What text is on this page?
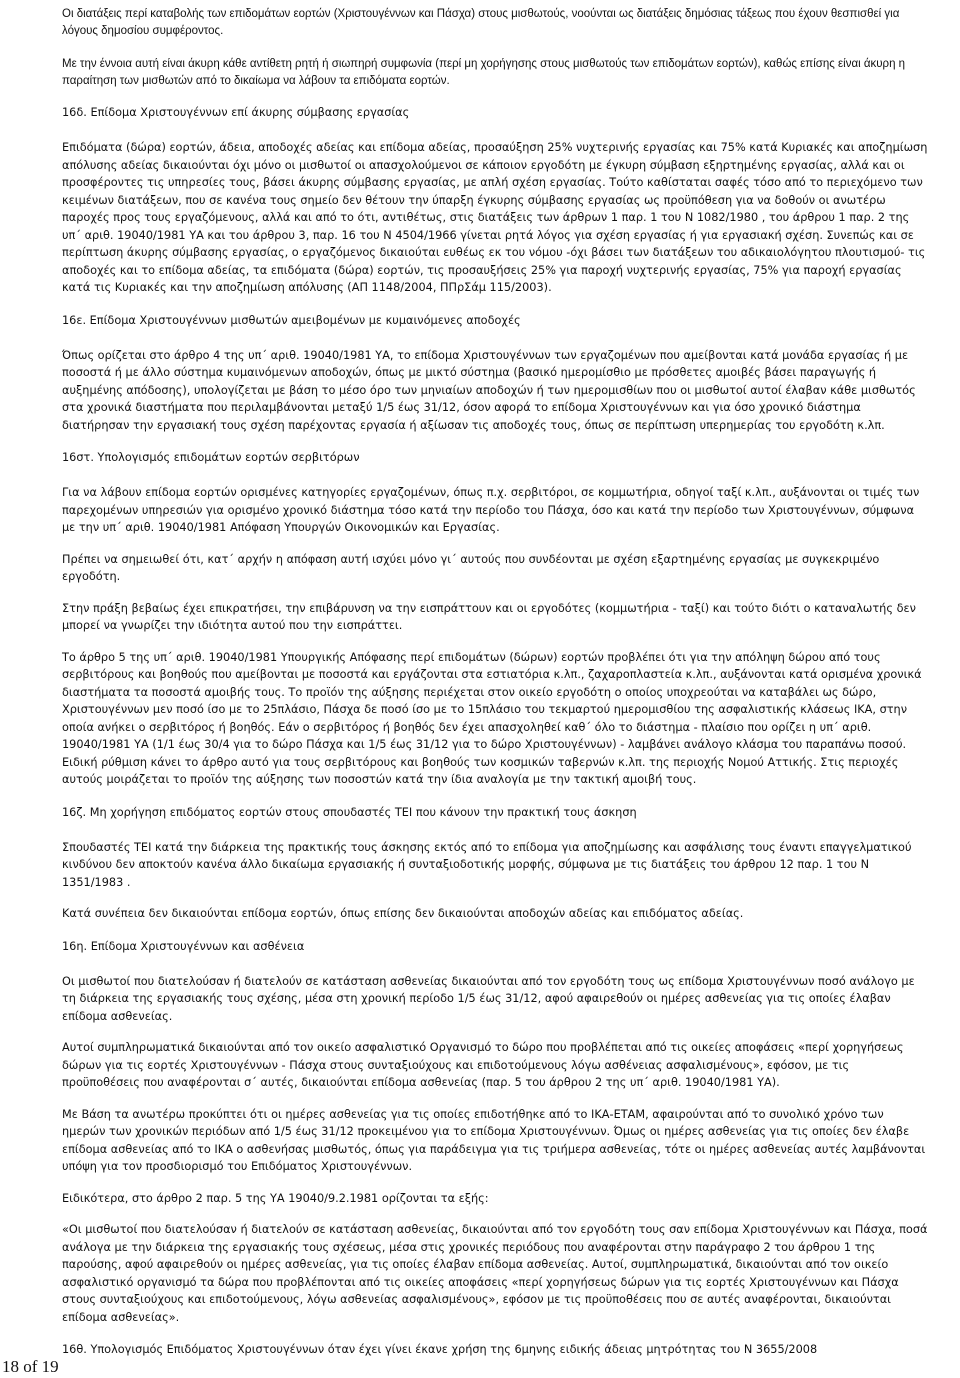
Οι διατάξεις περί καταβολής των επιδομάτων εορτών (Χριστουγέννων και Πάσχα) στους μισθωτούς, νοούνται ως διατάξεις δημόσιας τάξεως που έχουν θεσπισθεί για λόγους δημοσίου συμφέροντος.

Με την έννοια αυτή είναι άκυρη κάθε αντίθετη ρητή ή σιωπηρή συμφωνία (περί μη χορήγησης στους μισθωτούς των επιδομάτων εορτών), καθώς επίσης είναι άκυρη η παραίτηση των μισθωτών από το δικαίωμα να λάβουν τα επιδόματα εορτών.

16δ. Επίδομα Χριστουγέννων επί άκυρης σύμβασης εργασίας

Επιδόματα (δώρα) εορτών, άδεια, αποδοχές αδείας και επίδομα αδείας, προσαύξηση 25% νυχτερινής εργασίας και 75% κατά Κυριακές και αποζημίωση απόλυσης αδείας δικαιούνται όχι μόνο οι μισθωτοί οι απασχολούμενοι σε κάποιον εργοδότη με έγκυρη σύμβαση εξηρτημένης εργασίας, αλλά και οι προσφέροντες τις υπηρεσίες τους, βάσει άκυρης σύμβασης εργασίας, με απλή σχέση εργασίας. Τούτο καθίσταται σαφές τόσο από το περιεχόμενο των κειμένων διατάξεων, που σε κανένα τους σημείο δεν θέτουν την ύπαρξη έγκυρης σύμβασης εργασίας ως προϋπόθεση για να δοθούν οι ανωτέρω παροχές προς τους εργαζόμενους, αλλά και από το ότι, αντιθέτως, στις διατάξεις των άρθρων 1 παρ. 1 του Ν 1082/1980 , του άρθρου 1 παρ. 2 της υπ΄ αριθ. 19040/1981 ΥΑ και του άρθρου 3, παρ. 16 του Ν 4504/1966 γίνεται ρητά λόγος για σχέση εργασίας ή για εργασιακή σχέση. Συνεπώς και σε περίπτωση άκυρης σύμβασης εργασίας, ο εργαζόμενος δικαιούται ευθέως εκ του νόμου -όχι βάσει των διατάξεων του αδικαιολόγητου πλουτισμού- τις αποδοχές και το επίδομα αδείας, τα επιδόματα (δώρα) εορτών, τις προσαυξήσεις 25% για παροχή νυχτερινής εργασίας, 75% για παροχή εργασίας κατά τις Κυριακές και την αποζημίωση απόλυσης (ΑΠ 1148/2004, ΠΠρΣάμ 115/2003).

16ε. Επίδομα Χριστουγέννων μισθωτών αμειβομένων με κυμαινόμενες αποδοχές

Όπως ορίζεται στο άρθρο 4 της υπ΄ αριθ. 19040/1981 ΥΑ, το επίδομα Χριστουγέννων των εργαζομένων που αμείβονται κατά μονάδα εργασίας ή με ποσοστά ή με άλλο σύστημα κυμαινόμενων αποδοχών, όπως με μικτό σύστημα (βασικό ημερομίσθιο με πρόσθετες αμοιβές βάσει παραγωγής ή αυξημένης απόδοσης), υπολογίζεται με βάση το μέσο όρο των μηνιαίων αποδοχών ή των ημερομισθίων που οι μισθωτοί αυτοί έλαβαν κάθε μισθωτός στα χρονικά διαστήματα που περιλαμβάνονται μεταξύ 1/5 έως 31/12, όσον αφορά το επίδομα Χριστουγέννων και για όσο χρονικό διάστημα διατήρησαν την εργασιακή τους σχέση παρέχοντας εργασία ή αξίωσαν τις αποδοχές τους, όπως σε περίπτωση υπερημερίας του εργοδότη κ.λπ.

16στ. Υπολογισμός επιδομάτων εορτών σερβιτόρων

Για να λάβουν επίδομα εορτών ορισμένες κατηγορίες εργαζομένων, όπως π.χ. σερβιτόροι, σε κομμωτήρια, οδηγοί ταξί κ.λπ., αυξάνονται οι τιμές των παρεχομένων υπηρεσιών για ορισμένο χρονικό διάστημα τόσο κατά την περίοδο του Πάσχα, όσο και κατά την περίοδο των Χριστουγέννων, σύμφωνα με την υπ΄ αριθ. 19040/1981 Απόφαση Υπουργών Οικονομικών και Εργασίας.

Πρέπει να σημειωθεί ότι, κατ΄ αρχήν η απόφαση αυτή ισχύει μόνο γι΄ αυτούς που συνδέονται με σχέση εξαρτημένης εργασίας με συγκεκριμένο εργοδότη.

Στην πράξη βεβαίως έχει επικρατήσει, την επιβάρυνση να την εισπράττουν και οι εργοδότες (κομμωτήρια - ταξί) και τούτο διότι ο καταναλωτής δεν μπορεί να γνωρίζει την ιδιότητα αυτού που την εισπράττει.

Το άρθρο 5 της υπ΄ αριθ. 19040/1981 Υπουργικής Απόφασης περί επιδομάτων (δώρων) εορτών προβλέπει ότι για την απόληψη δώρου από τους σερβιτόρους και βοηθούς που αμείβονται με ποσοστά και εργάζονται στα εστιατόρια κ.λπ., ζαχαροπλαστεία κ.λπ., αυξάνονται κατά ορισμένα χρονικά διαστήματα τα ποσοστά αμοιβής τους. Το προϊόν της αύξησης περιέχεται στον οικείο εργοδότη ο οποίος υποχρεούται να καταβάλει ως δώρο, Χριστουγέννων μεν ποσό ίσο με το 25πλάσιο, Πάσχα δε ποσό ίσο με το 15πλάσιο του τεκμαρτού ημερομισθίου της ασφαλιστικής κλάσεως ΙΚΑ, στην οποία ανήκει ο σερβιτόρος ή βοηθός. Εάν ο σερβιτόρος ή βοηθός δεν έχει απασχοληθεί καθ΄ όλο το διάστημα - πλαίσιο που ορίζει η υπ΄ αριθ. 19040/1981 ΥΑ (1/1 έως 30/4 για το δώρο Πάσχα και 1/5 έως 31/12 για το δώρο Χριστουγέννων) - λαμβάνει ανάλογο κλάσμα του παραπάνω ποσού. Ειδική ρύθμιση κάνει το άρθρο αυτό για τους σερβιτόρους και βοηθούς των κοσμικών ταβερνών κ.λπ. της περιοχής Νομού Αττικής. Στις περιοχές αυτούς μοιράζεται το προϊόν της αύξησης των ποσοστών κατά την ίδια αναλογία με την τακτική αμοιβή τους.

16ζ. Μη χορήγηση επιδόματος εορτών στους σπουδαστές ΤΕΙ που κάνουν την πρακτική τους άσκηση

Σπουδαστές ΤΕΙ κατά την διάρκεια της πρακτικής τους άσκησης εκτός από το επίδομα για αποζημίωσης και ασφάλισης τους έναντι επαγγελματικού κινδύνου δεν αποκτούν κανένα άλλο δικαίωμα εργασιακής ή συνταξιοδοτικής μορφής, σύμφωνα με τις διατάξεις του άρθρου 12 παρ. 1 του Ν 1351/1983 .

Κατά συνέπεια δεν δικαιούνται επίδομα εορτών, όπως επίσης δεν δικαιούνται αποδοχών αδείας και επιδόματος αδείας.

16η. Επίδομα Χριστουγέννων και ασθένεια

Οι μισθωτοί που διατελούσαν ή διατελούν σε κατάσταση ασθενείας δικαιούνται από τον εργοδότη τους ως επίδομα Χριστουγέννων ποσό ανάλογο με τη διάρκεια της εργασιακής τους σχέσης, μέσα στη χρονική περίοδο 1/5 έως 31/12, αφού αφαιρεθούν οι ημέρες ασθενείας για τις οποίες έλαβαν επίδομα ασθενείας.

Αυτοί συμπληρωματικά δικαιούνται από τον οικείο ασφαλιστικό Οργανισμό το δώρο που προβλέπεται από τις οικείες αποφάσεις «περί χορηγήσεως δώρων για τις εορτές Χριστουγέννων - Πάσχα στους συνταξιούχους και επιδοτούμενους λόγω ασθένειας ασφαλισμένους», εφόσον, με τις προϋποθέσεις που αναφέρονται σ΄ αυτές, δικαιούνται επίδομα ασθενείας (παρ. 5 του άρθρου 2 της υπ΄ αριθ. 19040/1981 ΥΑ).

Με Βάση τα ανωτέρω προκύπτει ότι οι ημέρες ασθενείας για τις οποίες επιδοτήθηκε από το ΙΚΑ-ΕΤΑΜ, αφαιρούνται από το συνολικό χρόνο των ημερών των χρονικών περιόδων από 1/5 έως 31/12 προκειμένου για το επίδομα Χριστουγέννων. Όμως οι ημέρες ασθενείας για τις οποίες δεν έλαβε επίδομα ασθενείας από το ΙΚΑ ο ασθενήσας μισθωτός, όπως για παράδειγμα για τις τριήμερα ασθενείας, τότε οι ημέρες ασθενείας αυτές λαμβάνονται υπόψη για τον προσδιορισμό του Επιδόματος Χριστουγέννων.

Ειδικότερα, στο άρθρο 2 παρ. 5 της ΥΑ 19040/9.2.1981 ορίζονται τα εξής:

«Οι μισθωτοί που διατελούσαν ή διατελούν σε κατάσταση ασθενείας, δικαιούνται από τον εργοδότη τους σαν επίδομα Χριστουγέννων και Πάσχα, ποσά ανάλογα με την διάρκεια της εργασιακής τους σχέσεως, μέσα στις χρονικές περιόδους που αναφέρονται στην παράγραφο 2 του άρθρου 1 της παρούσης, αφού αφαιρεθούν οι ημέρες ασθενείας, για τις οποίες έλαβαν επίδομα ασθενείας. Αυτοί, συμπληρωματικά, δικαιούνται από τον οικείο ασφαλιστικό οργανισμό τα δώρα που προβλέπονται από τις οικείες αποφάσεις «περί χορηγήσεως δώρων για τις εορτές Χριστουγέννων και Πάσχα στους συνταξιούχους και επιδοτούμενους, λόγω ασθενείας ασφαλισμένους», εφόσον με τις προϋποθέσεις που σε αυτές αναφέρονται, δικαιούνται επίδομα ασθενείας».

16θ. Υπολογισμός Επιδόματος Χριστουγέννων όταν έχει γίνει έκανε χρήση της 6μηνης ειδικής άδειας μητρότητας του Ν 3655/2008

18 of 19
